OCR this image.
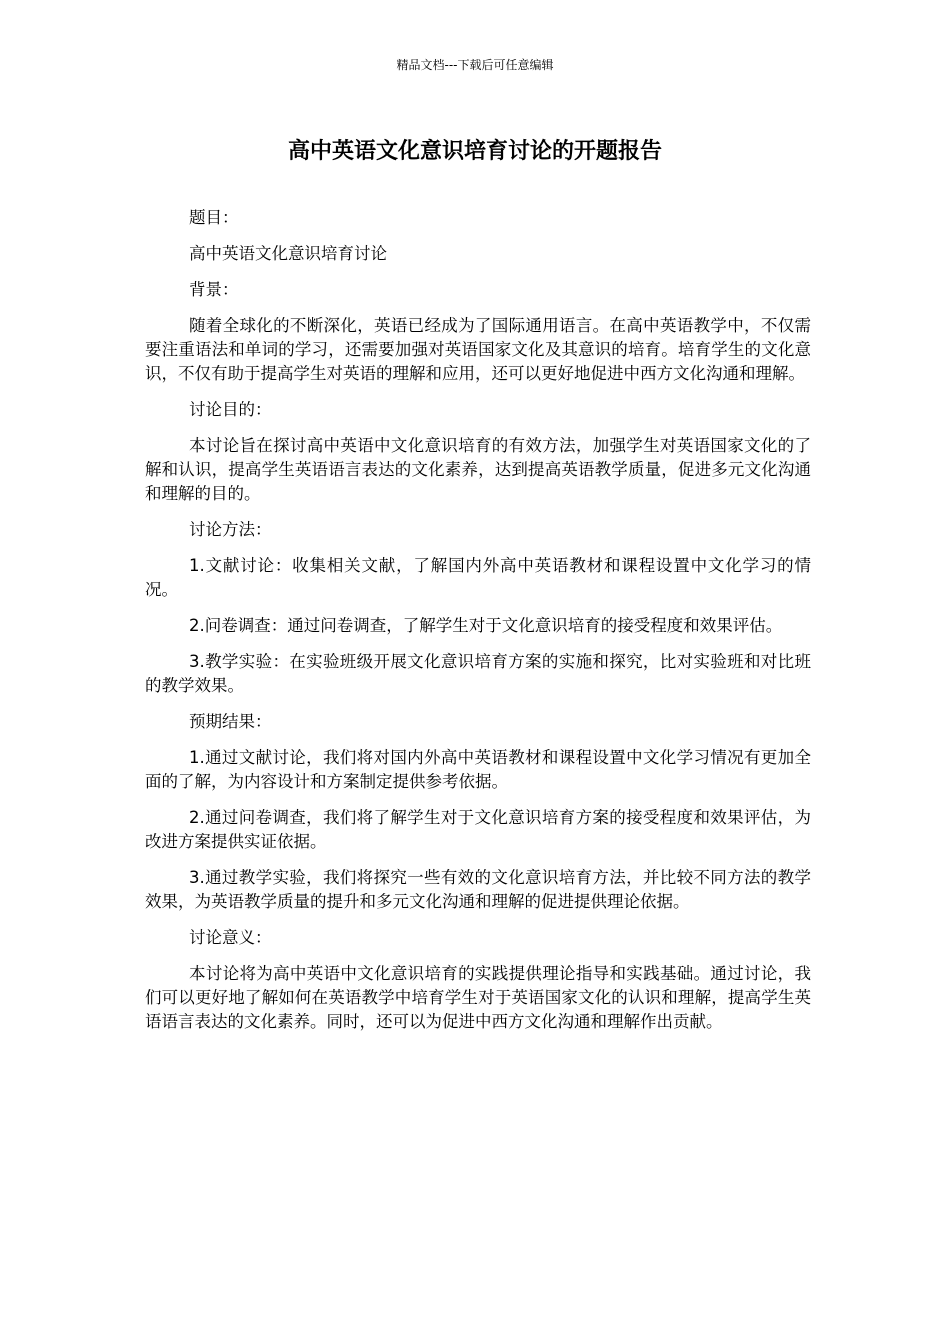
精品文档---下载后可任意编辑
高中英语文化意识培育讨论的开题报告

题目：

高中英语文化意识培育讨论

背景：

随着全球化的不断深化，英语已经成为了国际通用语言。在高中英语教学中，不仅需要注重语法和单词的学习，还需要加强对英语国家文化及其意识的培育。培育学生的文化意识，不仅有助于提高学生对英语的理解和应用，还可以更好地促进中西方文化沟通和理解。

讨论目的：

本讨论旨在探讨高中英语中文化意识培育的有效方法，加强学生对英语国家文化的了解和认识，提高学生英语语言表达的文化素养，达到提高英语教学质量，促进多元文化沟通和理解的目的。

讨论方法：

1.文献讨论：收集相关文献，了解国内外高中英语教材和课程设置中文化学习的情况。

2.问卷调查：通过问卷调查，了解学生对于文化意识培育的接受程度和效果评估。

3.教学实验：在实验班级开展文化意识培育方案的实施和探究，比对实验班和对比班的教学效果。

预期结果：

1.通过文献讨论，我们将对国内外高中英语教材和课程设置中文化学习情况有更加全面的了解，为内容设计和方案制定提供参考依据。

2.通过问卷调查，我们将了解学生对于文化意识培育方案的接受程度和效果评估，为改进方案提供实证依据。

3.通过教学实验，我们将探究一些有效的文化意识培育方法，并比较不同方法的教学效果，为英语教学质量的提升和多元文化沟通和理解的促进提供理论依据。

讨论意义：

本讨论将为高中英语中文化意识培育的实践提供理论指导和实践基础。通过讨论，我们可以更好地了解如何在英语教学中培育学生对于英语国家文化的认识和理解，提高学生英语语言表达的文化素养。同时，还可以为促进中西方文化沟通和理解作出贡献。
